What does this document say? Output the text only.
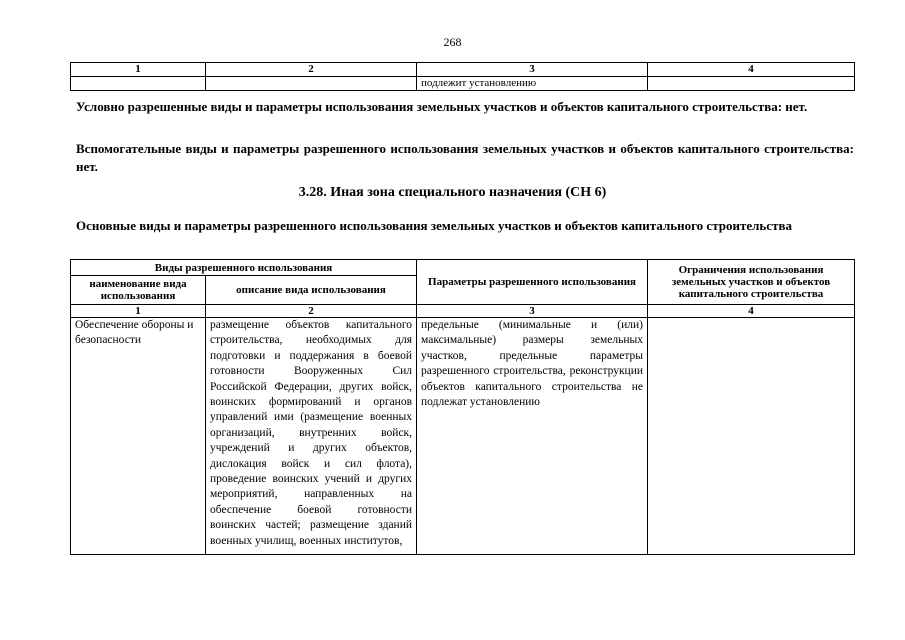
268
1	2	3	4
		подлежит установлению	
Условно разрешенные виды и параметры использования земельных участков и объектов капитального строительства: нет.
Вспомогательные виды и параметры разрешенного использования земельных участков и объектов капитального строительства: нет.
3.28. Иная зона специального назначения (СН 6)
Основные виды и параметры разрешенного использования земельных участков и объектов капитального строительства
Виды разрешенного использования		Параметры разрешенного использования	Ограничения использования земельных участков и объектов капитального строительства
наименование вида использования	описание вида использования		
1	2	3	4
Обеспечение обороны и безопасности	размещение объектов капитального строительства, необходимых для подготовки и поддержания в боевой готовности Вооруженных Сил Российской Федерации, других войск, воинских формирований и органов управлений ими (размещение военных организаций, внутренних войск, учреждений и других объектов, дислокация войск и сил флота), проведение воинских учений и других мероприятий, направленных на обеспечение боевой готовности воинских частей; размещение зданий военных училищ, военных институтов,	предельные (минимальные и (или) максимальные) размеры земельных участков, предельные параметры разрешенного строительства, реконструкции объектов капитального строительства не подлежат установлению	
